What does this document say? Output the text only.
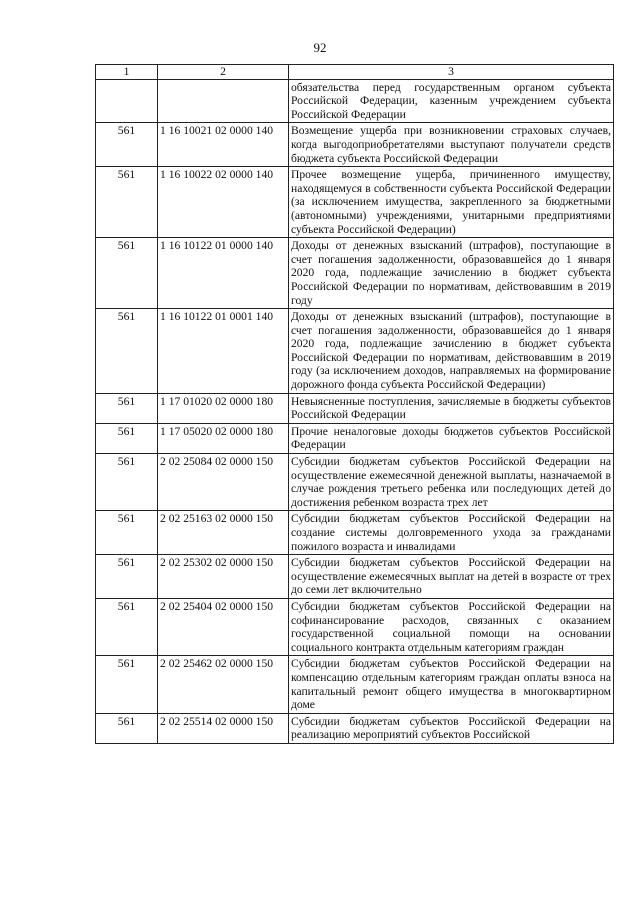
92
1	2	3
		обязательства перед государственным органом субъекта Российской Федерации, казенным учреждением субъекта Российской Федерации
561	1 16 10021 02 0000 140	Возмещение ущерба при возникновении страховых случаев, когда выгодоприобретателями выступают получатели средств бюджета субъекта Российской Федерации
561	1 16 10022 02 0000 140	Прочее возмещение ущерба, причиненного имуществу, находящемуся в собственности субъекта Российской Федерации (за исключением имущества, закрепленного за бюджетными (автономными) учреждениями, унитарными предприятиями субъекта Российской Федерации)
561	1 16 10122 01 0000 140	Доходы от денежных взысканий (штрафов), поступающие в счет погашения задолженности, образовавшейся до 1 января 2020 года, подлежащие зачислению в бюджет субъекта Российской Федерации по нормативам, действовавшим в 2019 году
561	1 16 10122 01 0001 140	Доходы от денежных взысканий (штрафов), поступающие в счет погашения задолженности, образовавшейся до 1 января 2020 года, подлежащие зачислению в бюджет субъекта Российской Федерации по нормативам, действовавшим в 2019 году (за исключением доходов, направляемых на формирование дорожного фонда субъекта Российской Федерации)
561	1 17 01020 02 0000 180	Невыясненные поступления, зачисляемые в бюджеты субъектов Российской Федерации
561	1 17 05020 02 0000 180	Прочие неналоговые доходы бюджетов субъектов Российской Федерации
561	2 02 25084 02 0000 150	Субсидии бюджетам субъектов Российской Федерации на осуществление ежемесячной денежной выплаты, назначаемой в случае рождения третьего ребенка или последующих детей до достижения ребенком возраста трех лет
561	2 02 25163 02 0000 150	Субсидии бюджетам субъектов Российской Федерации на создание системы долговременного ухода за гражданами пожилого возраста и инвалидами
561	2 02 25302 02 0000 150	Субсидии бюджетам субъектов Российской Федерации на осуществление ежемесячных выплат на детей в возрасте от трех до семи лет включительно
561	2 02 25404 02 0000 150	Субсидии бюджетам субъектов Российской Федерации на софинансирование расходов, связанных с оказанием государственной социальной помощи на основании социального контракта отдельным категориям граждан
561	2 02 25462 02 0000 150	Субсидии бюджетам субъектов Российской Федерации на компенсацию отдельным категориям граждан оплаты взноса на капитальный ремонт общего имущества в многоквартирном доме
561	2 02 25514 02 0000 150	Субсидии бюджетам субъектов Российской Федерации на реализацию мероприятий субъектов Российской
